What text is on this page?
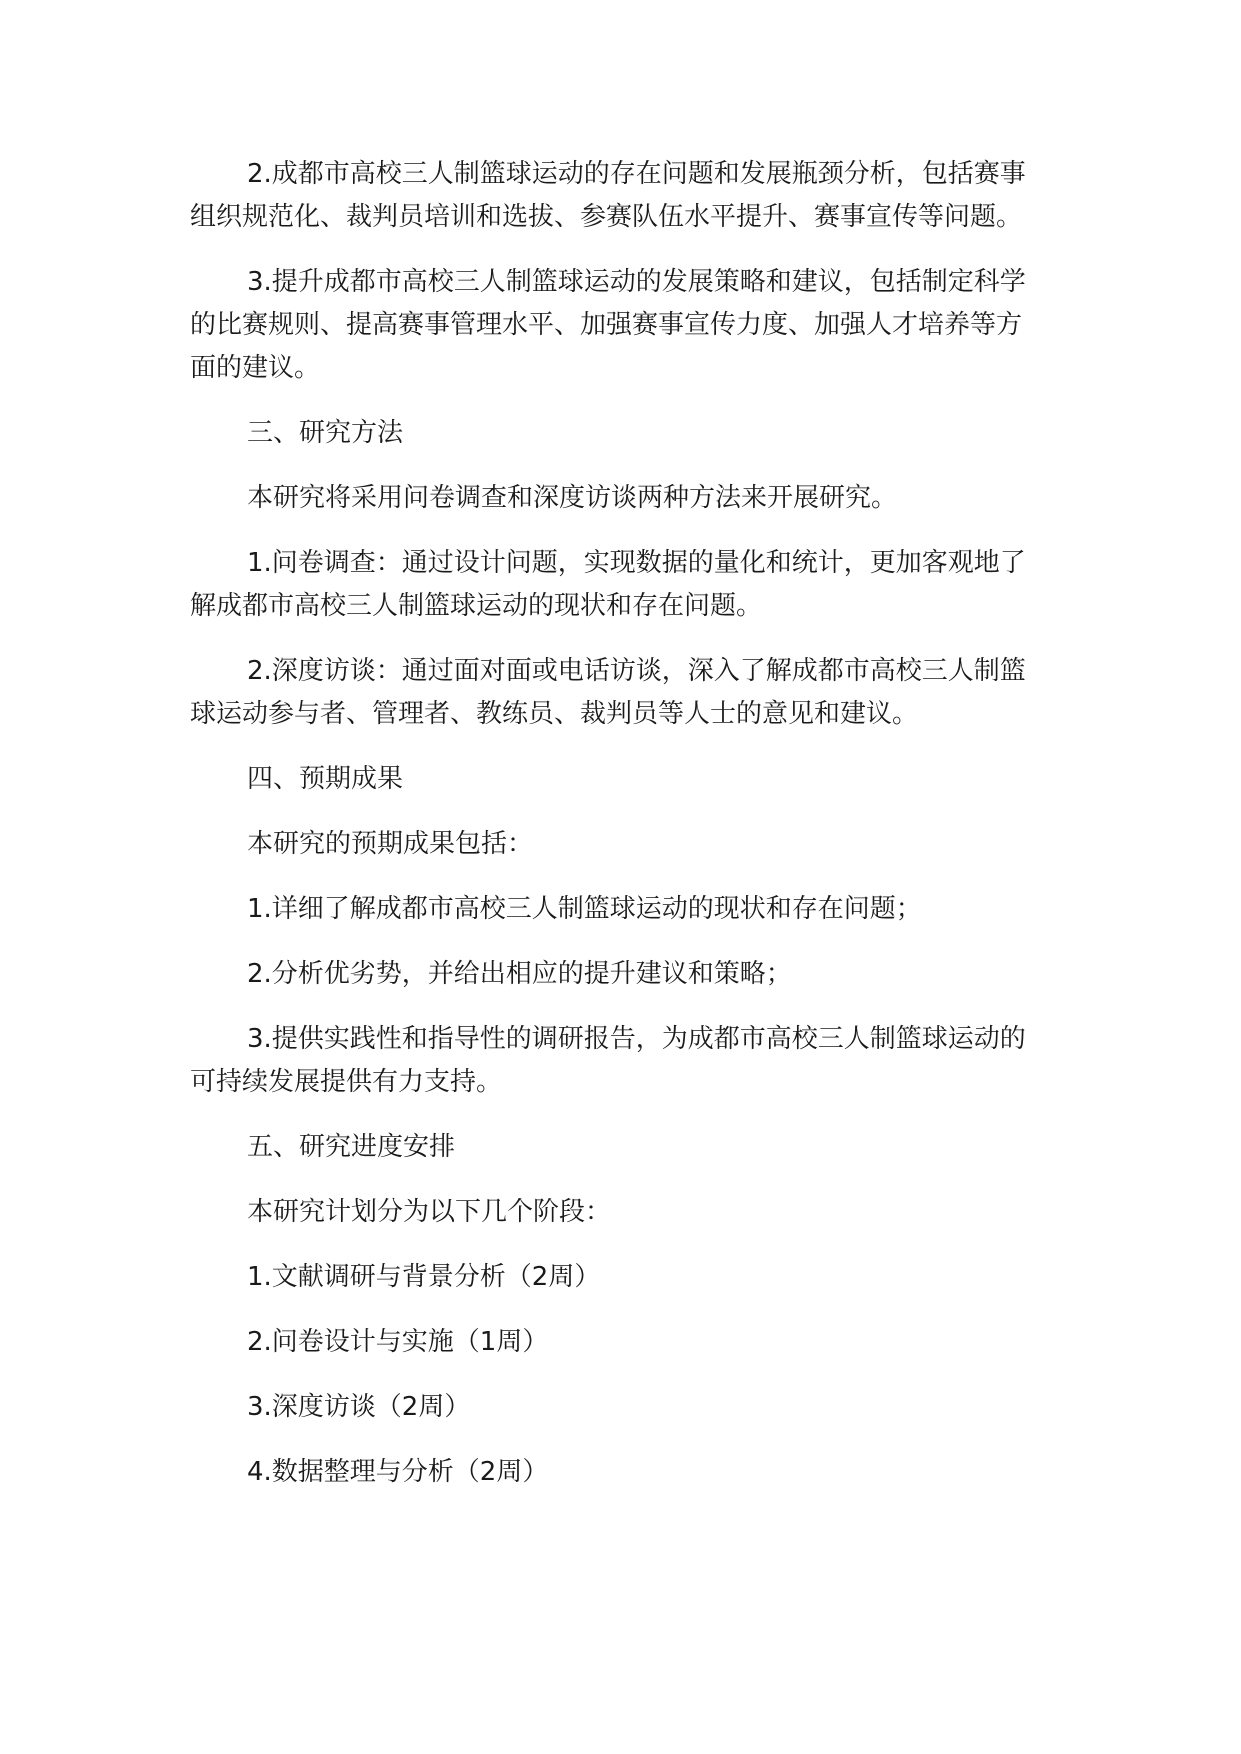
2.成都市高校三人制篮球运动的存在问题和发展瓶颈分析，包括赛事组织规范化、裁判员培训和选拔、参赛队伍水平提升、赛事宣传等问题。

3.提升成都市高校三人制篮球运动的发展策略和建议，包括制定科学的比赛规则、提高赛事管理水平、加强赛事宣传力度、加强人才培养等方面的建议。

三、研究方法

本研究将采用问卷调查和深度访谈两种方法来开展研究。

1.问卷调查：通过设计问题，实现数据的量化和统计，更加客观地了解成都市高校三人制篮球运动的现状和存在问题。

2.深度访谈：通过面对面或电话访谈，深入了解成都市高校三人制篮球运动参与者、管理者、教练员、裁判员等人士的意见和建议。

四、预期成果

本研究的预期成果包括：

1.详细了解成都市高校三人制篮球运动的现状和存在问题；

2.分析优劣势，并给出相应的提升建议和策略；

3.提供实践性和指导性的调研报告，为成都市高校三人制篮球运动的可持续发展提供有力支持。

五、研究进度安排

本研究计划分为以下几个阶段：

1.文献调研与背景分析（2周）

2.问卷设计与实施（1周）

3.深度访谈（2周）

4.数据整理与分析（2周）
